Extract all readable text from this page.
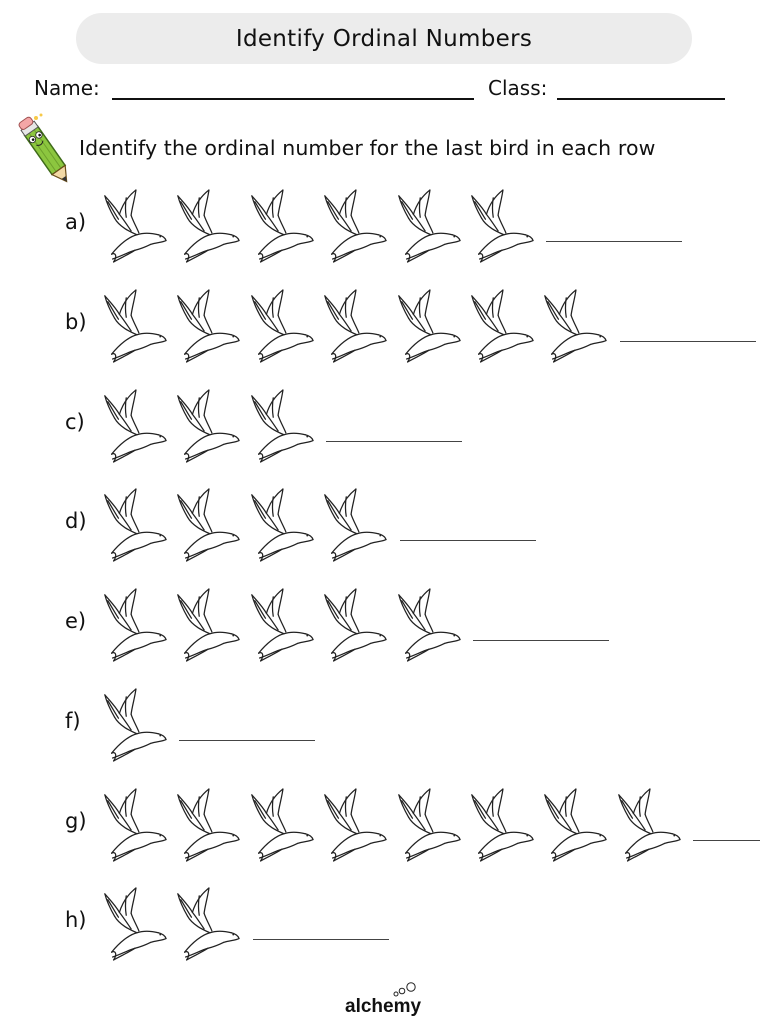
Identify Ordinal Numbers
Name:	Class:
Identify the ordinal number for the last bird in each row
a)
b)
c)
d)
e)
f)
g)
h)
alchemy
